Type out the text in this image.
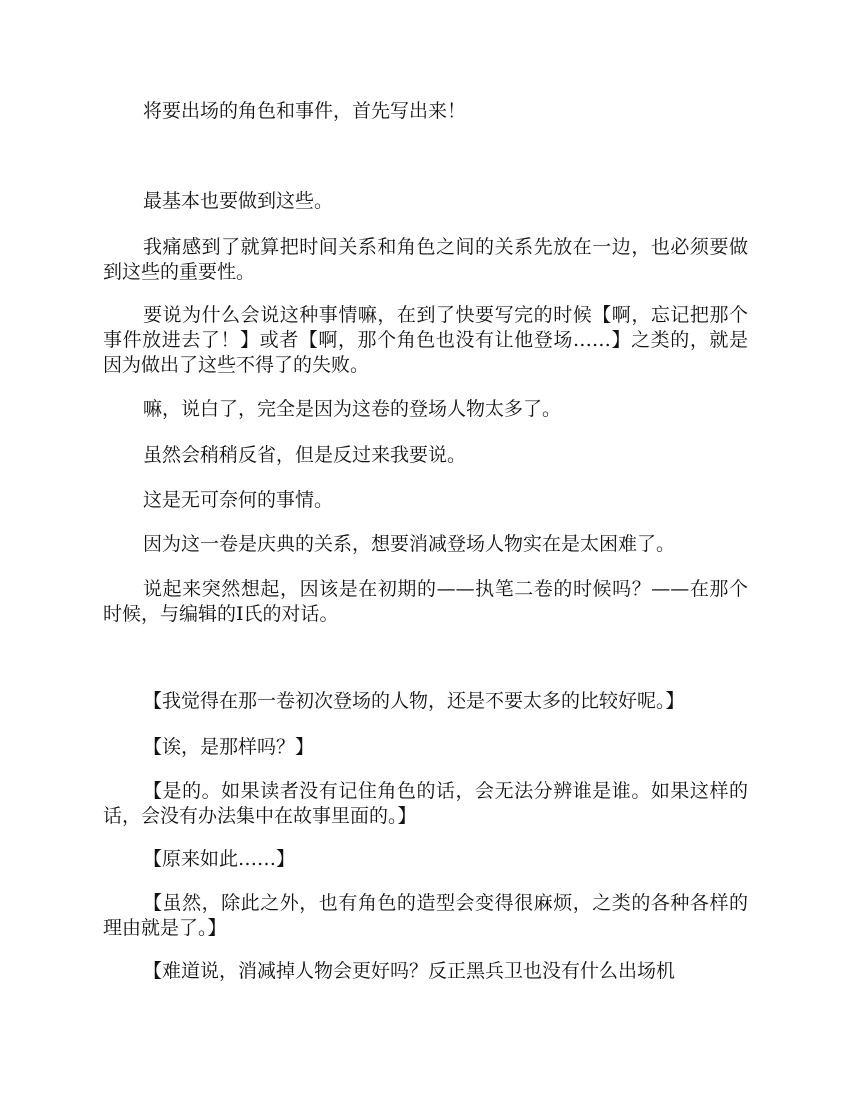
将要出场的角色和事件，首先写出来！

最基本也要做到这些。

我痛感到了就算把时间关系和角色之间的关系先放在一边，也必须要做到这些的重要性。

要说为什么会说这种事情嘛，在到了快要写完的时候【啊，忘记把那个事件放进去了！】或者【啊，那个角色也没有让他登场……】之类的，就是因为做出了这些不得了的失败。

嘛，说白了，完全是因为这卷的登场人物太多了。

虽然会稍稍反省，但是反过来我要说。

这是无可奈何的事情。

因为这一卷是庆典的关系，想要消减登场人物实在是太困难了。

说起来突然想起，因该是在初期的——执笔二卷的时候吗？——在那个时候，与编辑的I氏的对话。

【我觉得在那一卷初次登场的人物，还是不要太多的比较好呢。】

【诶，是那样吗？】

【是的。如果读者没有记住角色的话，会无法分辨谁是谁。如果这样的话，会没有办法集中在故事里面的。】

【原来如此……】

【虽然，除此之外，也有角色的造型会变得很麻烦，之类的各种各样的理由就是了。】

【难道说，消减掉人物会更好吗？反正黑兵卫也没有什么出场机
